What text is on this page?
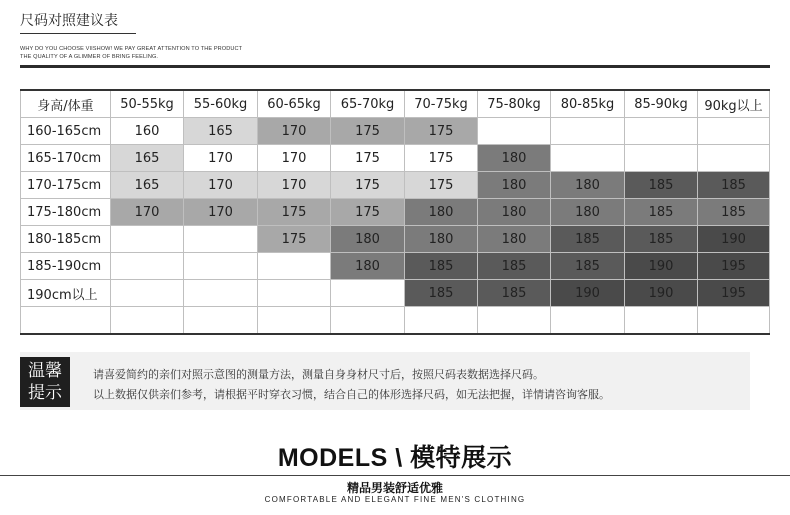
尺码对照建议表
WHY DO YOU CHOOSE VIISHOW! WE PAY GREAT ATTENTION TO THE PRODUCT
THE QUALITY OF A GLIMMER OF BRING FEELING.
身高/体重	50-55kg	55-60kg	60-65kg	65-70kg	70-75kg	75-80kg	80-85kg	85-90kg	90kg以上
160-165cm	160	165	170	175	175				
165-170cm	165	170	170	175	175	180			
170-175cm	165	170	170	175	175	180	180	185	185
175-180cm	170	170	175	175	180	180	180	185	185
180-185cm			175	180	180	180	185	185	190
185-190cm				180	185	185	185	190	195
190cm以上					185	185	190	190	195

温馨
提示
请喜爱简约的亲们对照示意图的测量方法，测量自身身材尺寸后，按照尺码表数据选择尺码。
以上数据仅供亲们参考，请根据平时穿衣习惯，结合自己的体形选择尺码，如无法把握，详情请咨询客服。
MODELS \ 模特展示
精品男装舒适优雅
COMFORTABLE AND ELEGANT FINE MEN'S CLOTHING
